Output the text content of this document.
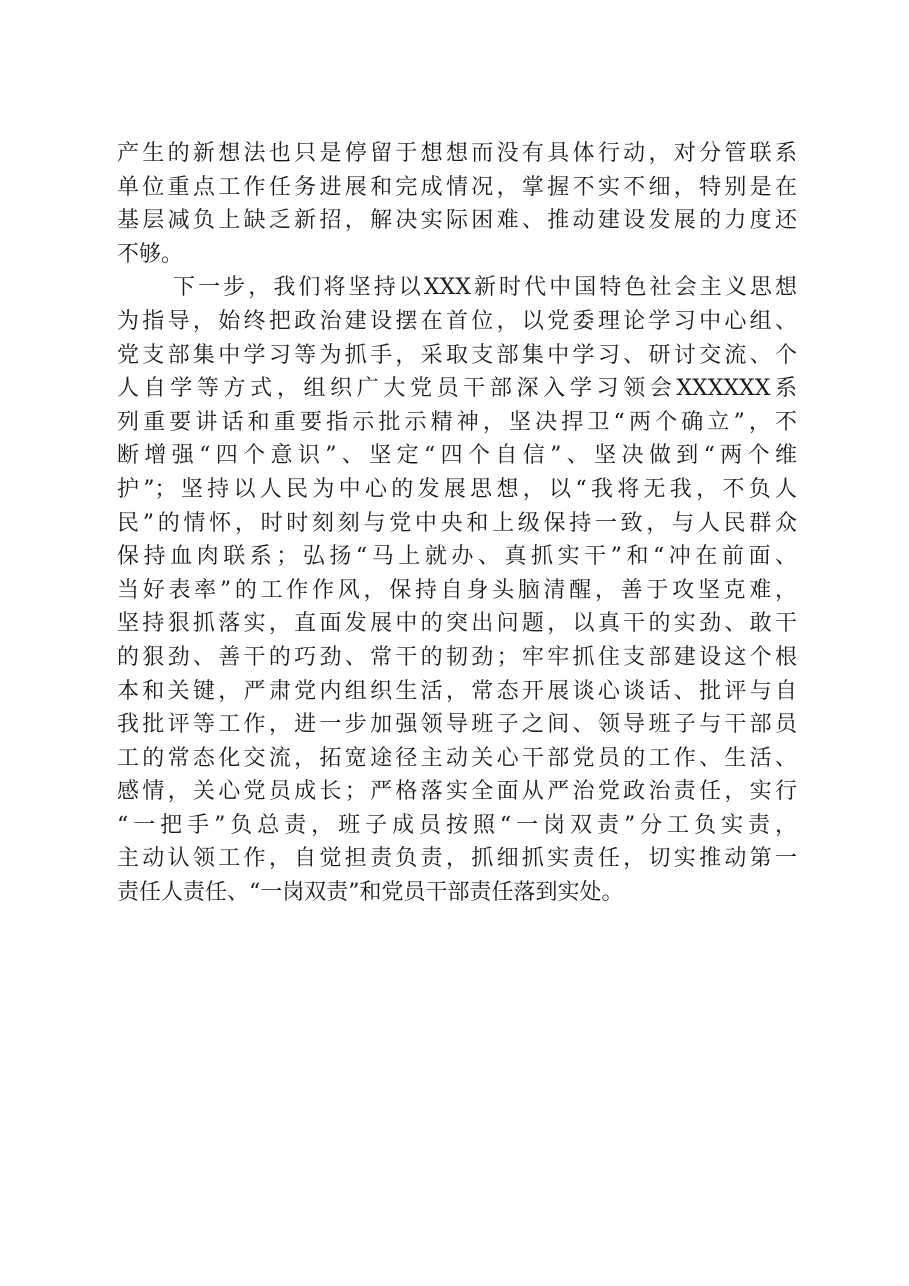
产生的新想法也只是停留于想想而没有具体行动，对分管联系
单位重点工作任务进展和完成情况，掌握不实不细，特别是在
基层减负上缺乏新招，解决实际困难、推动建设发展的力度还
不够。
下一步，我们将坚持以XXX新时代中国特色社会主义思想
为指导，始终把政治建设摆在首位，以党委理论学习中心组、
党支部集中学习等为抓手，采取支部集中学习、研讨交流、个
人自学等方式，组织广大党员干部深入学习领会XXXXXX系
列重要讲话和重要指示批示精神，坚决捍卫“两个确立”，不
断增强“四个意识”、坚定“四个自信”、坚决做到“两个维
护”；坚持以人民为中心的发展思想，以“我将无我，不负人
民”的情怀，时时刻刻与党中央和上级保持一致，与人民群众
保持血肉联系；弘扬“马上就办、真抓实干”和“冲在前面、
当好表率”的工作作风，保持自身头脑清醒，善于攻坚克难，
坚持狠抓落实，直面发展中的突出问题，以真干的实劲、敢干
的狠劲、善干的巧劲、常干的韧劲；牢牢抓住支部建设这个根
本和关键，严肃党内组织生活，常态开展谈心谈话、批评与自
我批评等工作，进一步加强领导班子之间、领导班子与干部员
工的常态化交流，拓宽途径主动关心干部党员的工作、生活、
感情，关心党员成长；严格落实全面从严治党政治责任，实行
“一把手”负总责，班子成员按照“一岗双责”分工负实责，
主动认领工作，自觉担责负责，抓细抓实责任，切实推动第一
责任人责任、“一岗双责”和党员干部责任落到实处。
